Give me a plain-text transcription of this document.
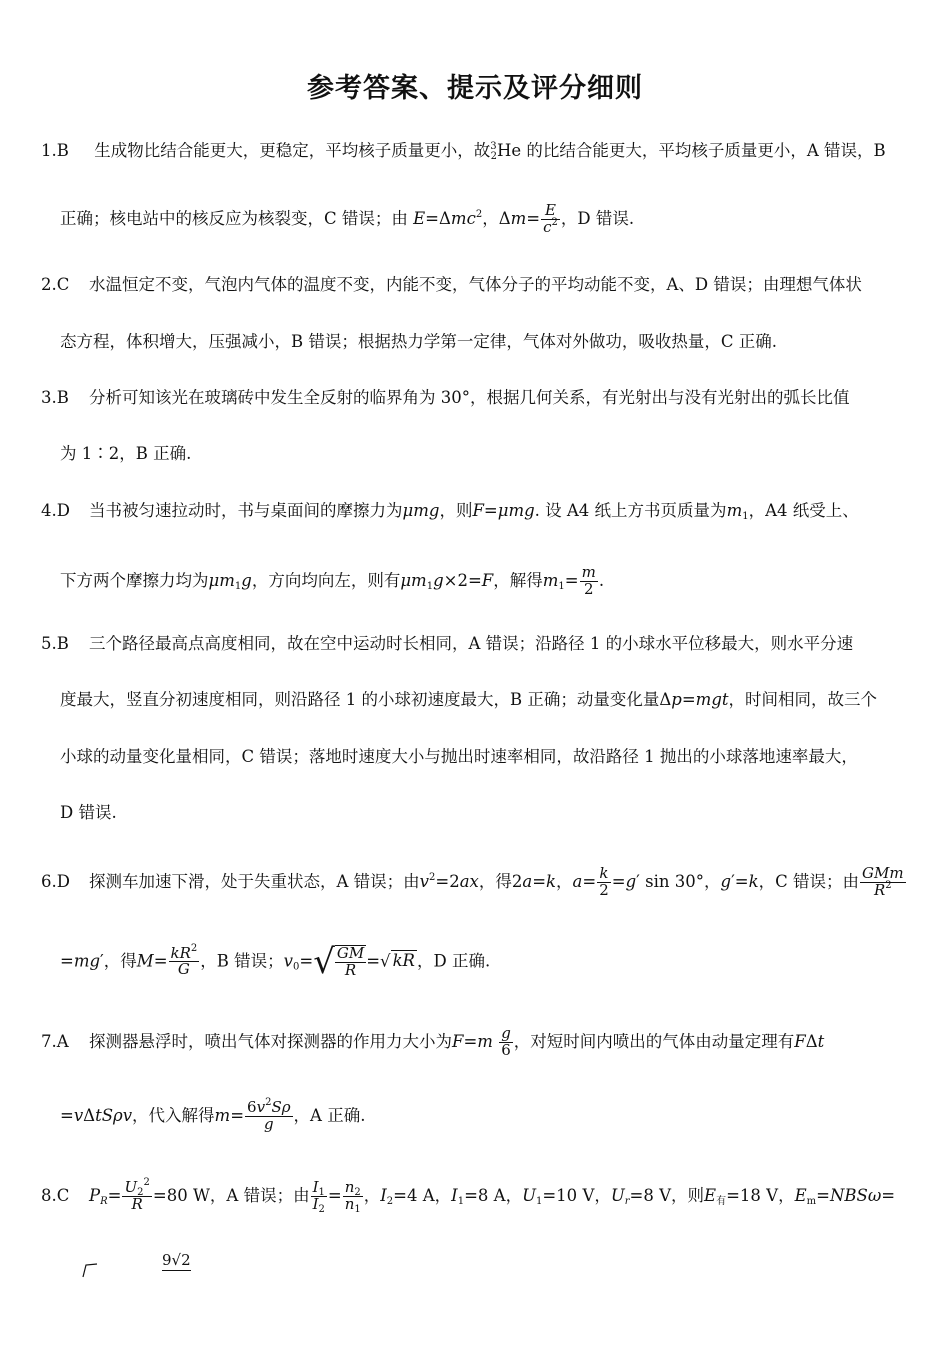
参考答案、提示及评分细则
1.B 生成物比结合能更大，更稳定，平均核子质量更小，故$^3_2$He 的比结合能更大，平均核子质量更小，A 错误，B
正确；核电站中的核反应为核裂变，C 错误；由 E=Δmc$^2$，$\Delta m= \frac{E}{c^2}$ ，D 错误.
2.C 水温恒定不变，气泡内气体的温度不变，内能不变，气体分子的平均动能不变，A、D 错误；由理想气体状
态方程，体积增大，压强减小，B 错误；根据热力学第一定律，气体对外做功，吸收热量，C 正确.
3.B 分析可知该光在玻璃砖中发生全反射的临界角为 30°，根据几何关系，有光射出与没有光射出的弧长比值
为 1∶2，B 正确.
4.D 当书被匀速拉动时，书与桌面间的摩擦力为μmg，则F=μmg. 设 A4 纸上方书页质量为$m_1$，A4 纸受上、
下方两个摩擦力均为$\mu m_1g$，方向均向左，则有$\mu m_1g\times 2=F$，解得$m_1= \frac{m}{2}$ .
5.B 三个路径最高点高度相同，故在空中运动时长相同，A 错误；沿路径 1 的小球水平位移最大，则水平分速
度最大，竖直分初速度相同，则沿路径 1 的小球初速度最大，B 正确；动量变化量Δp=mgt，时间相同，故三个
小球的动量变化量相同，C 错误；落地时速度大小与抛出时速率相同，故沿路径 1 抛出的小球落地速率最大，
D 错误.
6.D 探测车加速下滑，处于失重状态，A 错误；由$v^2=2ax$，得2a=k，$a= \frac{k}{2} =g'$ sin 30°，g′=k，C 错误；由 $\frac{\text{GMm}}{R^2}$
=mg′，得$M= \frac{kR^2}{G}$ ，B 错误；$v_0=√ \frac{GM}{R}$ =√ kR ，D 正确.
7.A 探测器悬浮时，喷出气体对探测器的作用力大小为$F=m \frac{g}{6}$ ，对短时间内喷出的气体由动量定理有FΔt
=vΔtSρv，代入解得$m= \frac{6v^2S\rho}{g}$ ，A 正确.
8.C $P_R= \frac{U_2^2}{R} =80$ W，A 错误；由 $\frac{I_1}{I_2} = \frac{n_2}{n_1}$ ，$I_2=4$ A，$I_1=8$ A，$U_1=10$ V，$U_r=8$ V，则$E_有=18$ V，$E_m=NBS\omega=$
9√2
